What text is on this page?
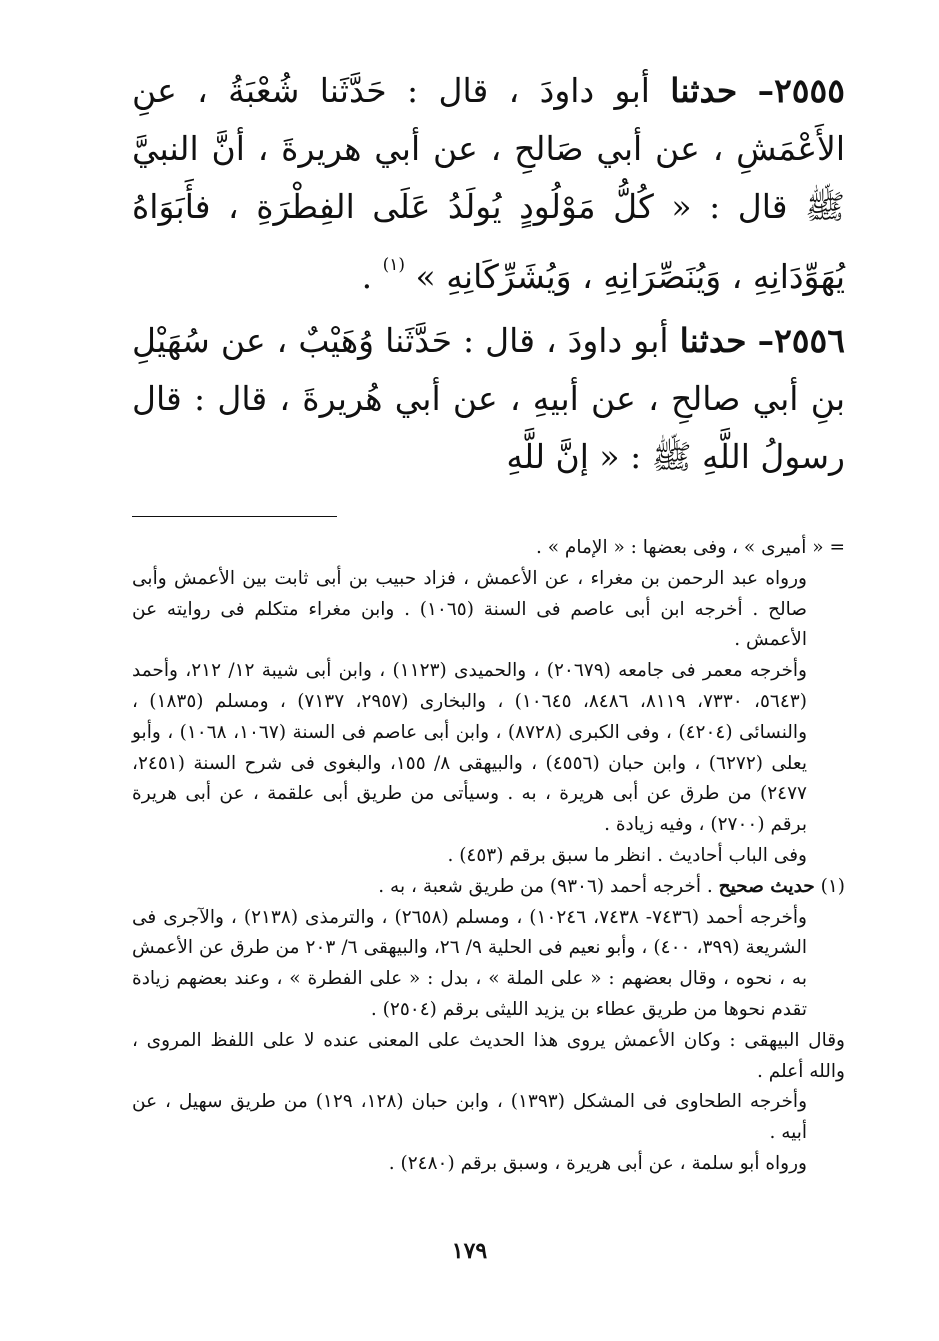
٢٥٥٥– حدثنا أبو داودَ ، قال : حَدَّثَنا شُعْبَةُ ، عنِ الأَعْمَشِ ، عن أبي صَالحِ ، عن أبي هريرةَ ، أنَّ النبيَّ ﷺ قال : « كُلُّ مَوْلُودٍ يُولَدُ عَلَى الفِطْرَةِ ، فأَبَوَاهُ يُهَوِّدَانِهِ ، وَيُنَصِّرَانِهِ ، وَيُشَرِّكَانِهِ » $^{(١)}$ .

٢٥٥٦– حدثنا أبو داودَ ، قال : حَدَّثَنا وُهَيْبٌ ، عن سُهَيْلِ بنِ أبي صالحِ ، عن أبيهِ ، عن أبي هُريرةَ ، قال : قال رسولُ اللَّهِ ﷺ : « إنَّ للَّهِ

= « أميرى » ، وفى بعضها : « الإمام » .

ورواه عبد الرحمن بن مغراء ، عن الأعمش ، فزاد حبيب بن أبى ثابت بين الأعمش وأبى صالح . أخرجه ابن أبى عاصم فى السنة (١٠٦٥) . وابن مغراء متكلم فى روايته عن الأعمش .

وأخرجه معمر فى جامعه (٢٠٦٧٩) ، والحميدى (١١٢٣) ، وابن أبى شيبة ١٢/ ٢١٢، وأحمد (٥٦٤٣، ٧٣٣٠، ٨١١٩، ٨٤٨٦، ١٠٦٤٥) ، والبخارى (٢٩٥٧، ٧١٣٧) ، ومسلم (١٨٣٥) ، والنسائى (٤٢٠٤) ، وفى الكبرى (٨٧٢٨) ، وابن أبى عاصم فى السنة (١٠٦٧، ١٠٦٨) ، وأبو يعلى (٦٢٧٢) ، وابن حبان (٤٥٥٦) ، والبيهقى ٨/ ١٥٥، والبغوى فى شرح السنة (٢٤٥١، ٢٤٧٧) من طرق عن أبى هريرة ، به . وسيأتى من طريق أبى علقمة ، عن أبى هريرة برقم (٢٧٠٠) ، وفيه زيادة .

وفى الباب أحاديث . انظر ما سبق برقم (٤٥٣) .

(١) حديث صحيح . أخرجه أحمد (٩٣٠٦) من طريق شعبة ، به .

وأخرجه أحمد (٧٤٣٦- ٧٤٣٨، ١٠٢٤٦) ، ومسلم (٢٦٥٨) ، والترمذى (٢١٣٨) ، والآجرى فى الشريعة (٣٩٩، ٤٠٠) ، وأبو نعيم فى الحلية ٩/ ٢٦، والبيهقى ٦/ ٢٠٣ من طرق عن الأعمش به ، نحوه ، وقال بعضهم : « على الملة » ، بدل : « على الفطرة » ، وعند بعضهم زيادة تقدم نحوها من طريق عطاء بن يزيد الليثى برقم (٢٥٠٤) .

وقال البيهقى : وكان الأعمش يروى هذا الحديث على المعنى عنده لا على اللفظ المروى ، والله أعلم .

وأخرجه الطحاوى فى المشكل (١٣٩٣) ، وابن حبان (١٢٨، ١٢٩) من طريق سهيل ، عن أبيه .

ورواه أبو سلمة ، عن أبى هريرة ، وسبق برقم (٢٤٨٠) .

١٧٩
